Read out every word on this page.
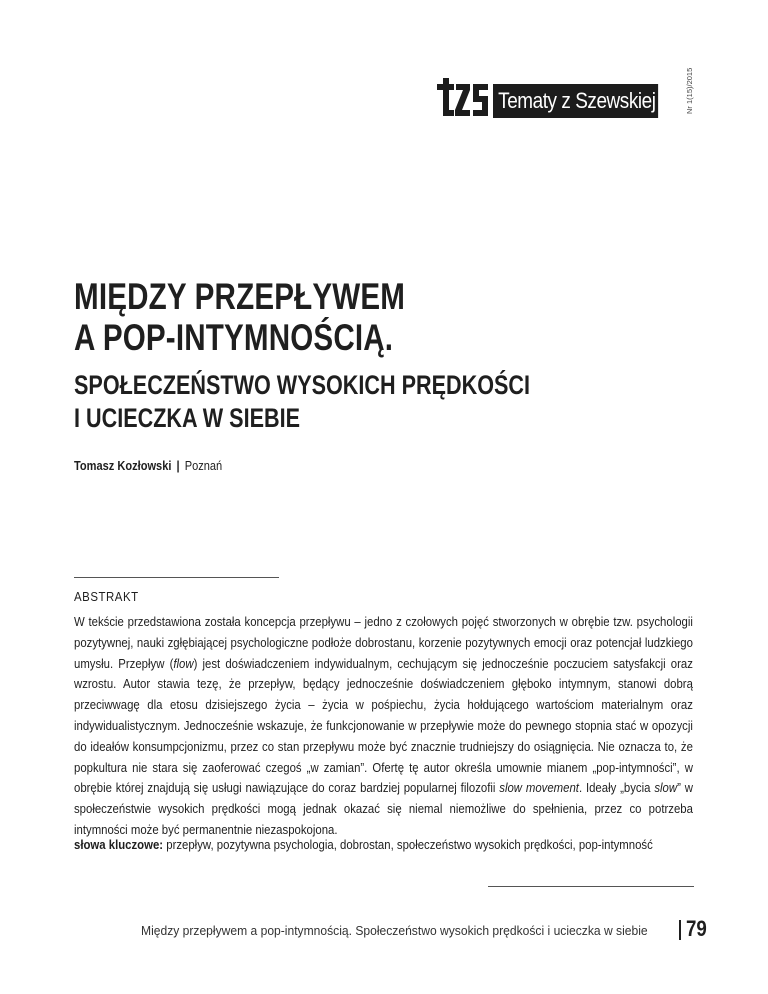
Tematy z Szewskiej	Nr 1(15)/2015
MIĘDZY PRZEPŁYWEM
A POP-INTYMNOŚCIĄ.
SPOŁECZEŃSTWO WYSOKICH PRĘDKOŚCI
I UCIECZKA W SIEBIE
Tomasz Kozłowski | Poznań
ABSTRAKT
W tekście przedstawiona została koncepcja przepływu – jedno z czołowych pojęć stworzonych w obrębie tzw. psychologii pozytywnej, nauki zgłębiającej psychologiczne podłoże dobrostanu, korzenie pozytywnych emocji oraz potencjał ludzkiego umysłu. Przepływ (flow) jest doświadczeniem indywidualnym, cechującym się jednocześnie poczuciem satysfakcji oraz wzrostu. Autor stawia tezę, że przepływ, będący jednocześnie doświadczeniem głęboko intymnym, stanowi dobrą przeciwwagę dla etosu dzisiejszego życia – życia w pośpiechu, życia hołdującego wartościom materialnym oraz indywidualistycznym. Jednocześnie wskazuje, że funkcjonowanie w przepływie może do pewnego stopnia stać w opozycji do ideałów konsumpcjonizmu, przez co stan przepływu może być znacznie trudniejszy do osiągnięcia. Nie oznacza to, że popkultura nie stara się zaoferować czegoś „w zamian”. Ofertę tę autor określa umownie mianem „pop-intymności”, w obrębie której znajdują się usługi nawiązujące do coraz bardziej popularnej filozofii slow movement. Ideały „bycia slow” w społeczeństwie wysokich prędkości mogą jednak okazać się niemal niemożliwe do spełnienia, przez co potrzeba intymności może być permanentnie niezaspokojona.
słowa kluczowe: przepływ, pozytywna psychologia, dobrostan, społeczeństwo wysokich prędkości, pop-intymność
Między przepływem a pop-intymnością. Społeczeństwo wysokich prędkości i ucieczka w siebie 79
